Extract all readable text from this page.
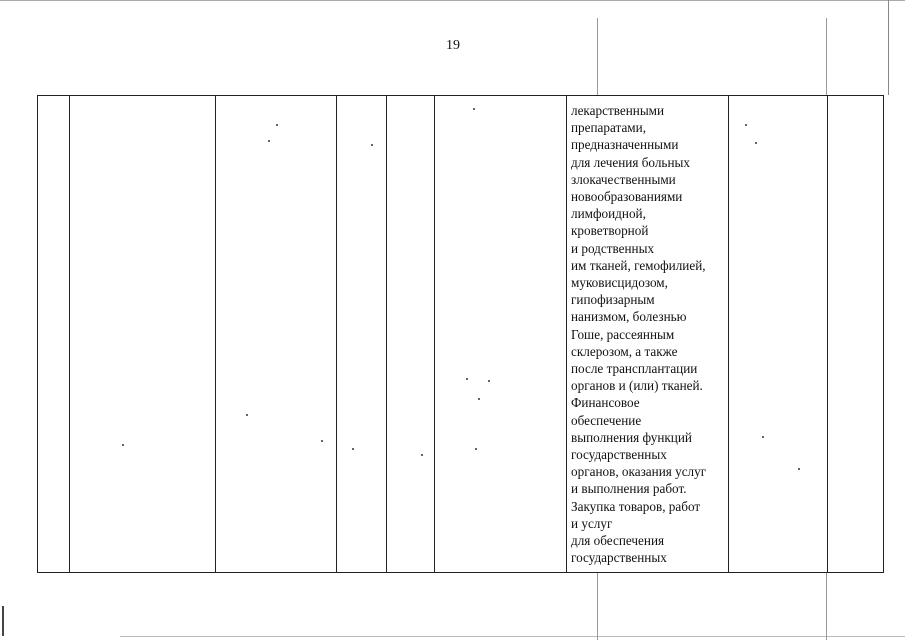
19
лекарственными
препаратами,
предназначенными
для лечения больных
злокачественными
новообразованиями
лимфоидной,
кроветворной
и родственных
им тканей, гемофилией,
муковисцидозом,
гипофизарным
нанизмом, болезнью
Гоше, рассеянным
склерозом, а также
после трансплантации
органов и (или) тканей.
Финансовое
обеспечение
выполнения функций
государственных
органов, оказания услуг
и выполнения работ.
Закупка товаров, работ
и услуг
для обеспечения
государственных
